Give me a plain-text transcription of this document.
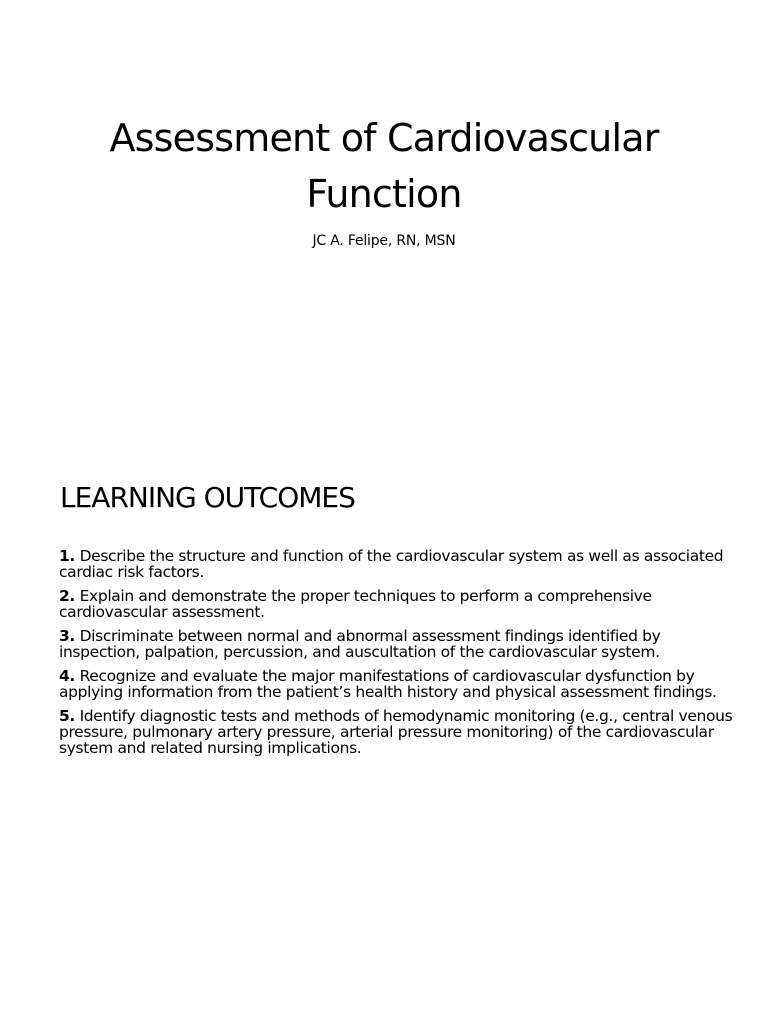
Assessment of Cardiovascular
Function
JC A. Felipe, RN, MSN
LEARNING OUTCOMES
1. Describe the structure and function of the cardiovascular system as well as associated cardiac risk factors.
2. Explain and demonstrate the proper techniques to perform a comprehensive cardiovascular assessment.
3. Discriminate between normal and abnormal assessment findings identified by inspection, palpation, percussion, and auscultation of the cardiovascular system.
4. Recognize and evaluate the major manifestations of cardiovascular dysfunction by applying information from the patient’s health history and physical assessment findings.
5. Identify diagnostic tests and methods of hemodynamic monitoring (e.g., central venous pressure, pulmonary artery pressure, arterial pressure monitoring) of the cardiovascular system and related nursing implications.
